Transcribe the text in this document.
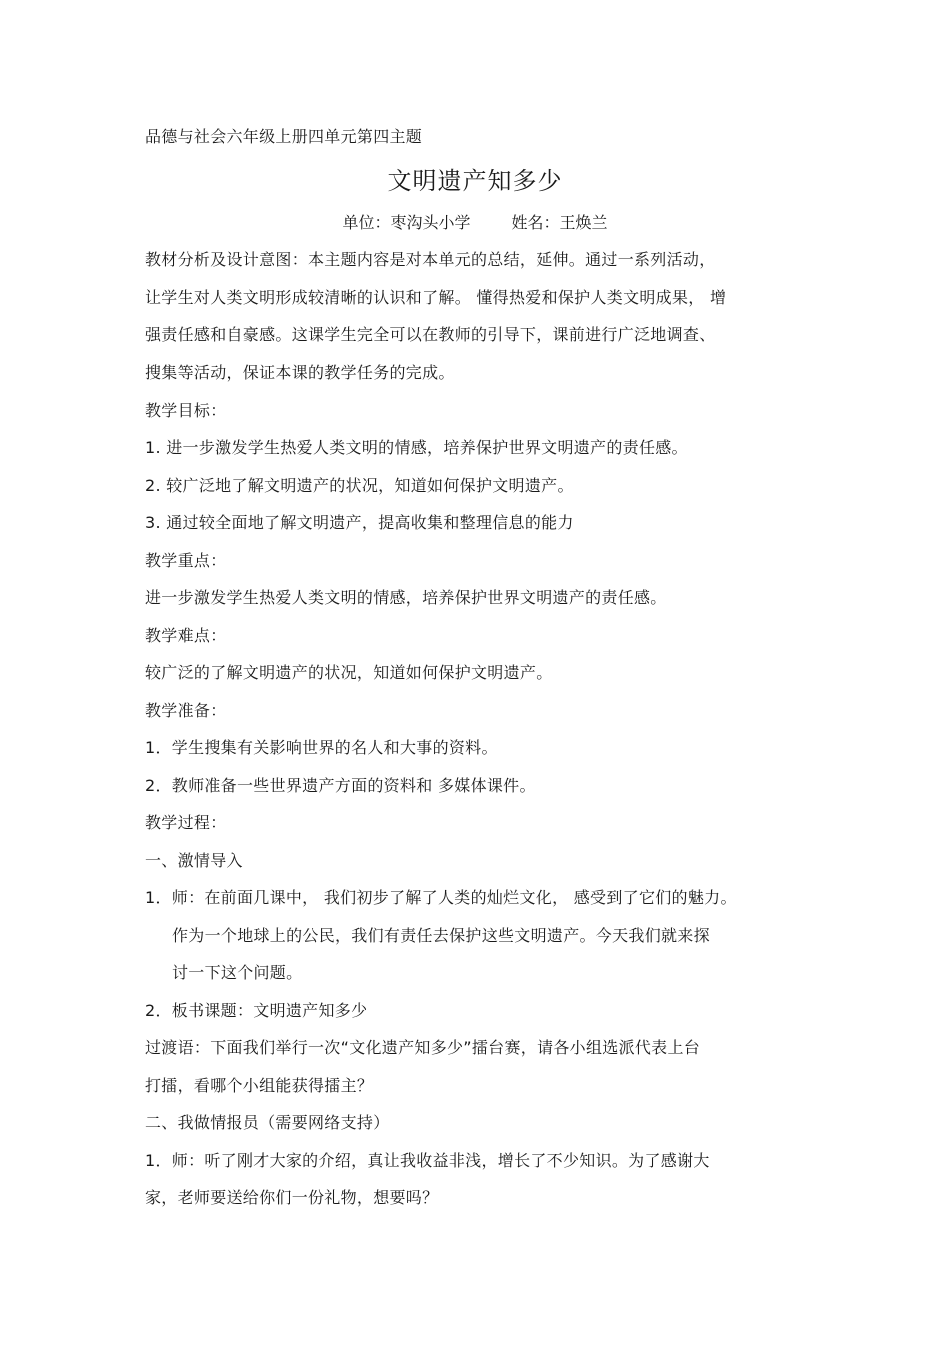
品德与社会六年级上册四单元第四主题
文明遗产知多少
单位：枣沟头小学	姓名：王焕兰
教材分析及设计意图：本主题内容是对本单元的总结，延伸。通过一系列活动，
让学生对人类文明形成较清晰的认识和了解。 懂得热爱和保护人类文明成果， 增
强责任感和自豪感。这课学生完全可以在教师的引导下，课前进行广泛地调查、
搜集等活动，保证本课的教学任务的完成。
教学目标：
1. 进一步激发学生热爱人类文明的情感，培养保护世界文明遗产的责任感。
2. 较广泛地了解文明遗产的状况，知道如何保护文明遗产。
3. 通过较全面地了解文明遗产，提高收集和整理信息的能力
教学重点：
进一步激发学生热爱人类文明的情感，培养保护世界文明遗产的责任感。
教学难点：
较广泛的了解文明遗产的状况，知道如何保护文明遗产。
教学准备：
1．学生搜集有关影响世界的名人和大事的资料。
2．教师准备一些世界遗产方面的资料和 多媒体课件。
教学过程：
一、激情导入
1．师：在前面几课中， 我们初步了解了人类的灿烂文化， 感受到了它们的魅力。
作为一个地球上的公民，我们有责任去保护这些文明遗产。今天我们就来探
讨一下这个问题。
2．板书课题：文明遗产知多少
过渡语：下面我们举行一次“文化遗产知多少”擂台赛，请各小组选派代表上台
打擂，看哪个小组能获得擂主？
二、我做情报员（需要网络支持）
1．师：听了刚才大家的介绍，真让我收益非浅，增长了不少知识。为了感谢大
家，老师要送给你们一份礼物，想要吗？
